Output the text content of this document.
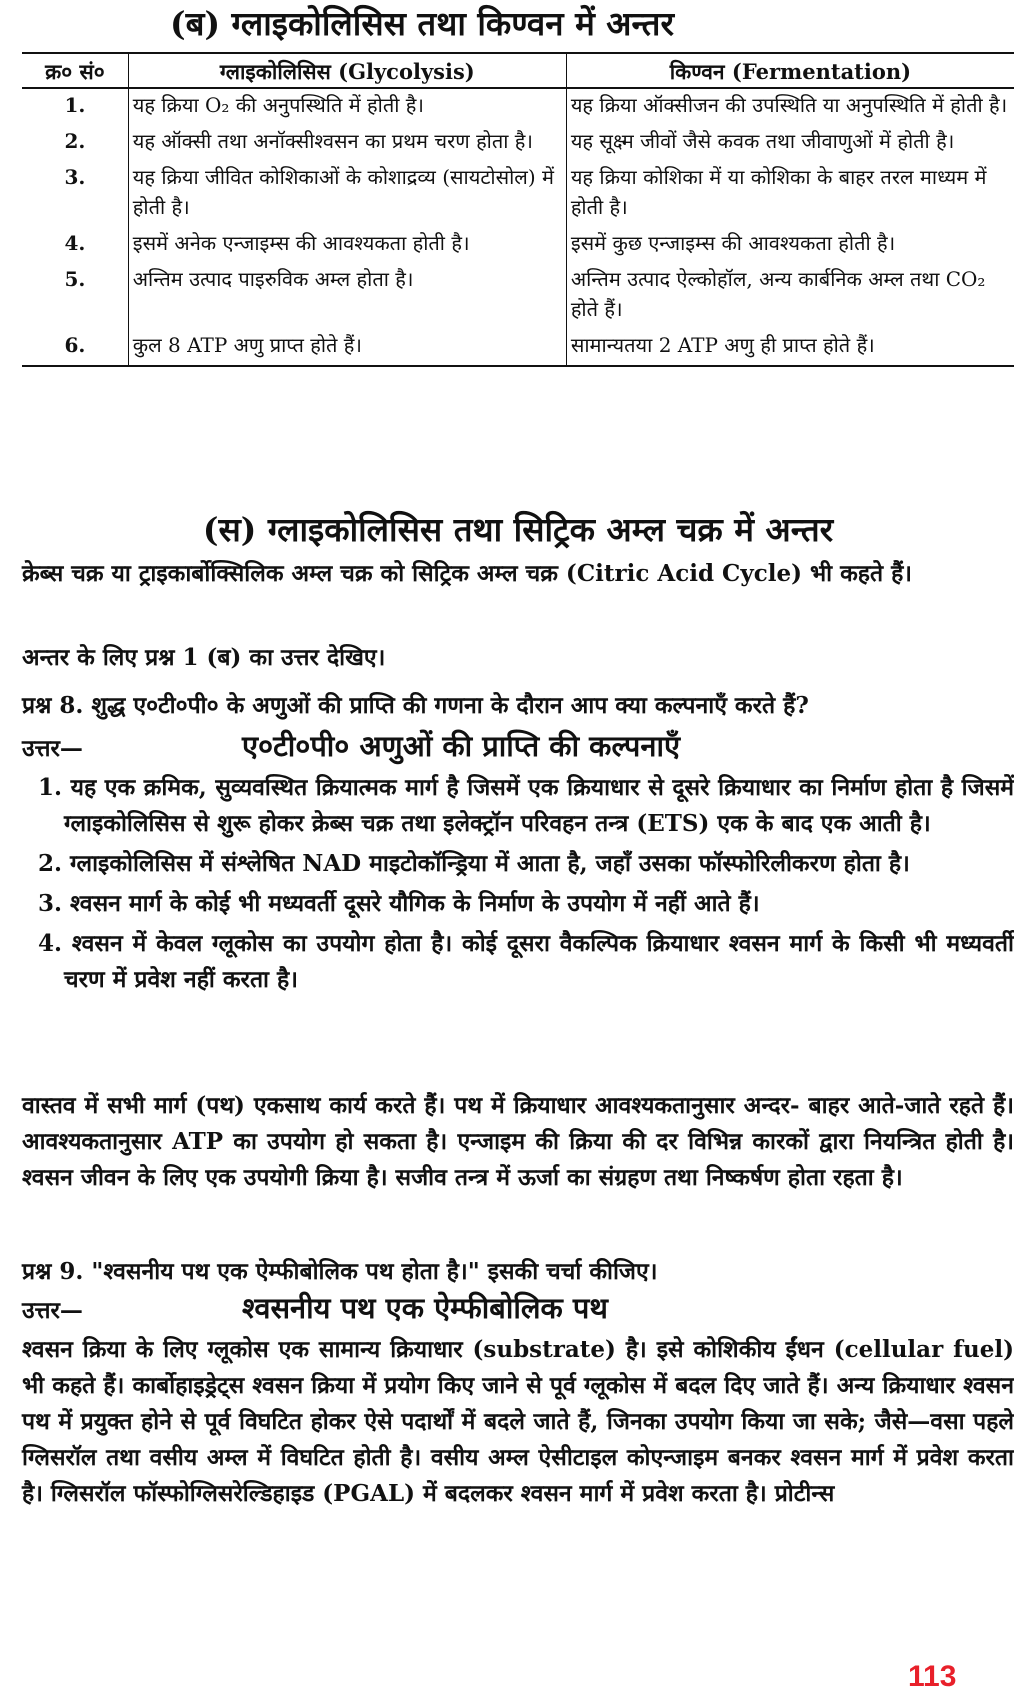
(ब) ग्लाइकोलिसिस तथा किण्वन में अन्तर
क्र० सं०	ग्लाइकोलिसिस (Glycolysis)	किण्वन (Fermentation)
1.	यह क्रिया O₂ की अनुपस्थिति में होती है।	यह क्रिया ऑक्सीजन की उपस्थिति या अनुपस्थिति में होती है।
2.	यह ऑक्सी तथा अनॉक्सीश्वसन का प्रथम चरण होता है।	यह सूक्ष्म जीवों जैसे कवक तथा जीवाणुओं में होती है।
3.	यह क्रिया जीवित कोशिकाओं के कोशाद्रव्य (सायटोसोल) में होती है।	यह क्रिया कोशिका में या कोशिका के बाहर तरल माध्यम में होती है।
4.	इसमें अनेक एन्जाइम्स की आवश्यकता होती है।	इसमें कुछ एन्जाइम्स की आवश्यकता होती है।
5.	अन्तिम उत्पाद पाइरुविक अम्ल होता है।	अन्तिम उत्पाद ऐल्कोहॉल, अन्य कार्बनिक अम्ल तथा CO₂ होते हैं।
6.	कुल 8 ATP अणु प्राप्त होते हैं।	सामान्यतया 2 ATP अणु ही प्राप्त होते हैं।
(स) ग्लाइकोलिसिस तथा सिट्रिक अम्ल चक्र में अन्तर

क्रेब्स चक्र या ट्राइकार्बोक्सिलिक अम्ल चक्र को सिट्रिक अम्ल चक्र (Citric Acid Cycle) भी कहते हैं।

अन्तर के लिए प्रश्न 1 (ब) का उत्तर देखिए।

प्रश्न 8. शुद्ध ए०टी०पी० के अणुओं की प्राप्ति की गणना के दौरान आप क्या कल्पनाएँ करते हैं?

उत्तर—	ए०टी०पी० अणुओं की प्राप्ति की कल्पनाएँ
1. यह एक क्रमिक, सुव्यवस्थित क्रियात्मक मार्ग है जिसमें एक क्रियाधार से दूसरे क्रियाधार का निर्माण होता है जिसमें ग्लाइकोलिसिस से शुरू होकर क्रेब्स चक्र तथा इलेक्ट्रॉन परिवहन तन्त्र (ETS) एक के बाद एक आती है।
2. ग्लाइकोलिसिस में संश्लेषित NAD माइटोकॉन्ड्रिया में आता है, जहाँ उसका फॉस्फोरिलीकरण होता है।
3. श्वसन मार्ग के कोई भी मध्यवर्ती दूसरे यौगिक के निर्माण के उपयोग में नहीं आते हैं।
4. श्वसन में केवल ग्लूकोस का उपयोग होता है। कोई दूसरा वैकल्पिक क्रियाधार श्वसन मार्ग के किसी भी मध्यवर्ती चरण में प्रवेश नहीं करता है।

वास्तव में सभी मार्ग (पथ) एकसाथ कार्य करते हैं। पथ में क्रियाधार आवश्यकतानुसार अन्दर- बाहर आते-जाते रहते हैं। आवश्यकतानुसार ATP का उपयोग हो सकता है। एन्जाइम की क्रिया की दर विभिन्न कारकों द्वारा नियन्त्रित होती है। श्वसन जीवन के लिए एक उपयोगी क्रिया है। सजीव तन्त्र में ऊर्जा का संग्रहण तथा निष्कर्षण होता रहता है।

प्रश्न 9. "श्वसनीय पथ एक ऐम्फीबोलिक पथ होता है।" इसकी चर्चा कीजिए।

उत्तर—	श्वसनीय पथ एक ऐम्फीबोलिक पथ

श्वसन क्रिया के लिए ग्लूकोस एक सामान्य क्रियाधार (substrate) है। इसे कोशिकीय ईंधन (cellular fuel) भी कहते हैं। कार्बोहाइड्रेट्स श्वसन क्रिया में प्रयोग किए जाने से पूर्व ग्लूकोस में बदल दिए जाते हैं। अन्य क्रियाधार श्वसन पथ में प्रयुक्त होने से पूर्व विघटित होकर ऐसे पदार्थों में बदले जाते हैं, जिनका उपयोग किया जा सके; जैसे—वसा पहले ग्लिसरॉल तथा वसीय अम्ल में विघटित होती है। वसीय अम्ल ऐसीटाइल कोएन्जाइम बनकर श्वसन मार्ग में प्रवेश करता है। ग्लिसरॉल फॉस्फोग्लिसरेल्डिहाइड (PGAL) में बदलकर श्वसन मार्ग में प्रवेश करता है। प्रोटीन्स

113
